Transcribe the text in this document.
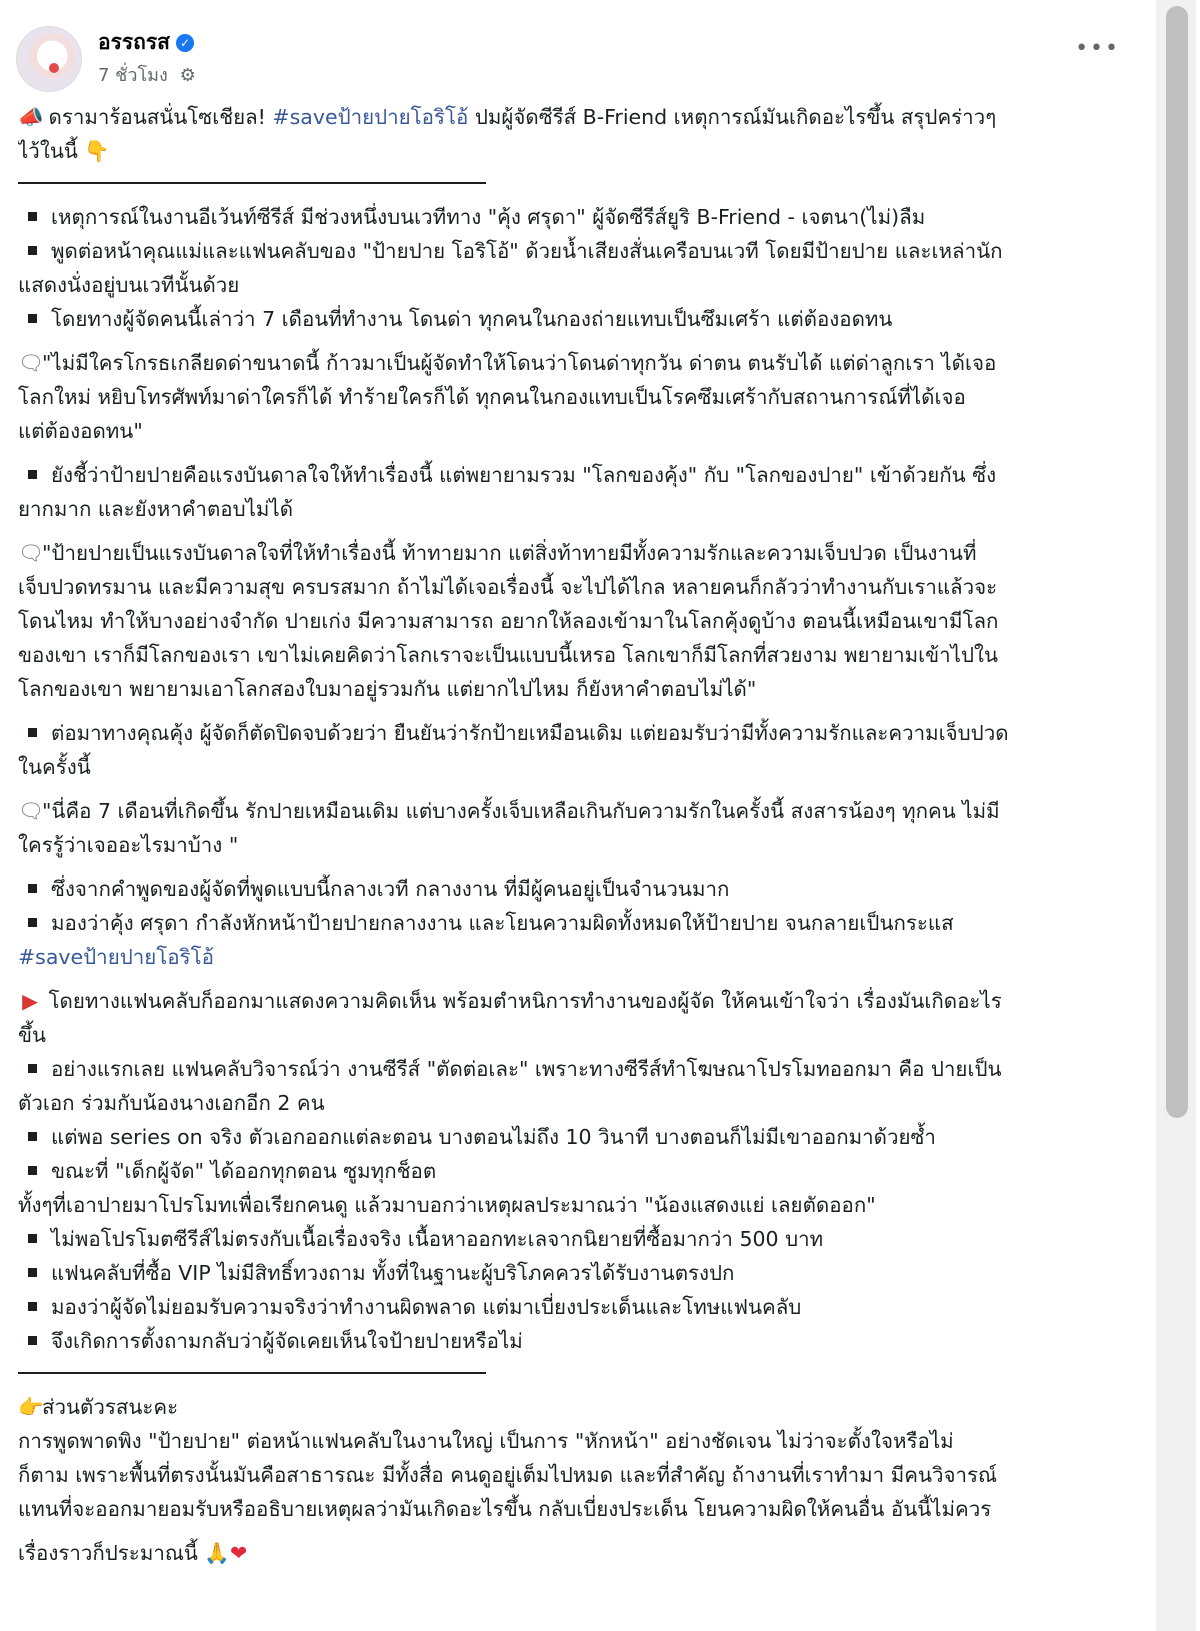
อรรถรส ✓
7 ชั่วโมง ⚙
•••
📣 ดรามาร้อนสนั่นโซเชียล! #saveป้ายปายโอริโอ้ ปมผู้จัดซีรีส์ B-Friend เหตุการณ์มันเกิดอะไรขึ้น สรุปคร่าวๆ
ไว้ในนี้ 👇
เหตุการณ์ในงานอีเว้นท์ซีรีส์ มีช่วงหนึ่งบนเวทีทาง "คุ้ง ศรุดา" ผู้จัดซีรีส์ยูริ B-Friend - เจตนา(ไม่)ลืม
พูดต่อหน้าคุณแม่และแฟนคลับของ "ป้ายปาย โอริโอ้" ด้วยน้ำเสียงสั่นเครือบนเวที โดยมีป้ายปาย และเหล่านัก
แสดงนั่งอยู่บนเวทีนั้นด้วย
โดยทางผู้จัดคนนี้เล่าว่า 7 เดือนที่ทำงาน โดนด่า ทุกคนในกองถ่ายแทบเป็นซึมเศร้า แต่ต้องอดทน
🗨"ไม่มีใครโกรธเกลียดด่าขนาดนี้ ก้าวมาเป็นผู้จัดทำให้โดนว่าโดนด่าทุกวัน ด่าตน ตนรับได้ แต่ด่าลูกเรา ได้เจอ
โลกใหม่ หยิบโทรศัพท์มาด่าใครก็ได้ ทำร้ายใครก็ได้ ทุกคนในกองแทบเป็นโรคซึมเศร้ากับสถานการณ์ที่ได้เจอ
แต่ต้องอดทน"
ยังชี้ว่าป้ายปายคือแรงบันดาลใจให้ทำเรื่องนี้ แต่พยายามรวม "โลกของคุ้ง" กับ "โลกของปาย" เข้าด้วยกัน ซึ่ง
ยากมาก และยังหาคำตอบไม่ได้
🗨"ป้ายปายเป็นแรงบันดาลใจที่ให้ทำเรื่องนี้ ท้าทายมาก แต่สิ่งท้าทายมีทั้งความรักและความเจ็บปวด เป็นงานที่
เจ็บปวดทรมาน และมีความสุข ครบรสมาก ถ้าไม่ได้เจอเรื่องนี้ จะไปได้ไกล หลายคนก็กลัวว่าทำงานกับเราแล้วจะ
โดนไหม ทำให้บางอย่างจำกัด ปายเก่ง มีความสามารถ อยากให้ลองเข้ามาในโลกคุ้งดูบ้าง ตอนนี้เหมือนเขามีโลก
ของเขา เราก็มีโลกของเรา เขาไม่เคยคิดว่าโลกเราจะเป็นแบบนี้เหรอ โลกเขาก็มีโลกที่สวยงาม พยายามเข้าไปใน
โลกของเขา พยายามเอาโลกสองใบมาอยู่รวมกัน แต่ยากไปไหม ก็ยังหาคำตอบไม่ได้"
ต่อมาทางคุณคุ้ง ผู้จัดก็ตัดปิดจบด้วยว่า ยืนยันว่ารักป้ายเหมือนเดิม แต่ยอมรับว่ามีทั้งความรักและความเจ็บปวด
ในครั้งนี้
🗨"นี่คือ 7 เดือนที่เกิดขึ้น รักปายเหมือนเดิม แต่บางครั้งเจ็บเหลือเกินกับความรักในครั้งนี้ สงสารน้องๆ ทุกคน ไม่มี
ใครรู้ว่าเจออะไรมาบ้าง "
ซึ่งจากคำพูดของผู้จัดที่พูดแบบนี้กลางเวที กลางงาน ที่มีผู้คนอยู่เป็นจำนวนมาก
มองว่าคุ้ง ศรุดา กำลังหักหน้าป้ายปายกลางงาน และโยนความผิดทั้งหมดให้ป้ายปาย จนกลายเป็นกระแส
#saveป้ายปายโอริโอ้
▶ โดยทางแฟนคลับก็ออกมาแสดงความคิดเห็น พร้อมตำหนิการทำงานของผู้จัด ให้คนเข้าใจว่า เรื่องมันเกิดอะไร
ขึ้น
อย่างแรกเลย แฟนคลับวิจารณ์ว่า งานซีรีส์ "ตัดต่อเละ" เพราะทางซีรีส์ทำโฆษณาโปรโมทออกมา คือ ปายเป็น
ตัวเอก ร่วมกับน้องนางเอกอีก 2 คน
แต่พอ series on จริง ตัวเอกออกแต่ละตอน บางตอนไม่ถึง 10 วินาที บางตอนก็ไม่มีเขาออกมาด้วยซ้ำ
ขณะที่ "เด็กผู้จัด" ได้ออกทุกตอน ซูมทุกช็อต
ทั้งๆที่เอาปายมาโปรโมทเพื่อเรียกคนดู แล้วมาบอกว่าเหตุผลประมาณว่า "น้องแสดงแย่ เลยตัดออก"
ไม่พอโปรโมตซีรีส์ไม่ตรงกับเนื้อเรื่องจริง เนื้อหาออกทะเลจากนิยายที่ซื้อมากว่า 500 บาท
แฟนคลับที่ซื้อ VIP ไม่มีสิทธิ์ทวงถาม ทั้งที่ในฐานะผู้บริโภคควรได้รับงานตรงปก
มองว่าผู้จัดไม่ยอมรับความจริงว่าทำงานผิดพลาด แต่มาเบี่ยงประเด็นและโทษแฟนคลับ
จึงเกิดการตั้งถามกลับว่าผู้จัดเคยเห็นใจป้ายปายหรือไม่
👉ส่วนตัวรสนะคะ
การพูดพาดพิง "ป้ายปาย" ต่อหน้าแฟนคลับในงานใหญ่ เป็นการ "หักหน้า" อย่างชัดเจน ไม่ว่าจะตั้งใจหรือไม่
ก็ตาม เพราะพื้นที่ตรงนั้นมันคือสาธารณะ มีทั้งสื่อ คนดูอยู่เต็มไปหมด และที่สำคัญ ถ้างานที่เราทำมา มีคนวิจารณ์
แทนที่จะออกมายอมรับหรืออธิบายเหตุผลว่ามันเกิดอะไรขึ้น กลับเบี่ยงประเด็น โยนความผิดให้คนอื่น อันนี้ไม่ควร
เรื่องราวก็ประมาณนี้ 🙏❤
